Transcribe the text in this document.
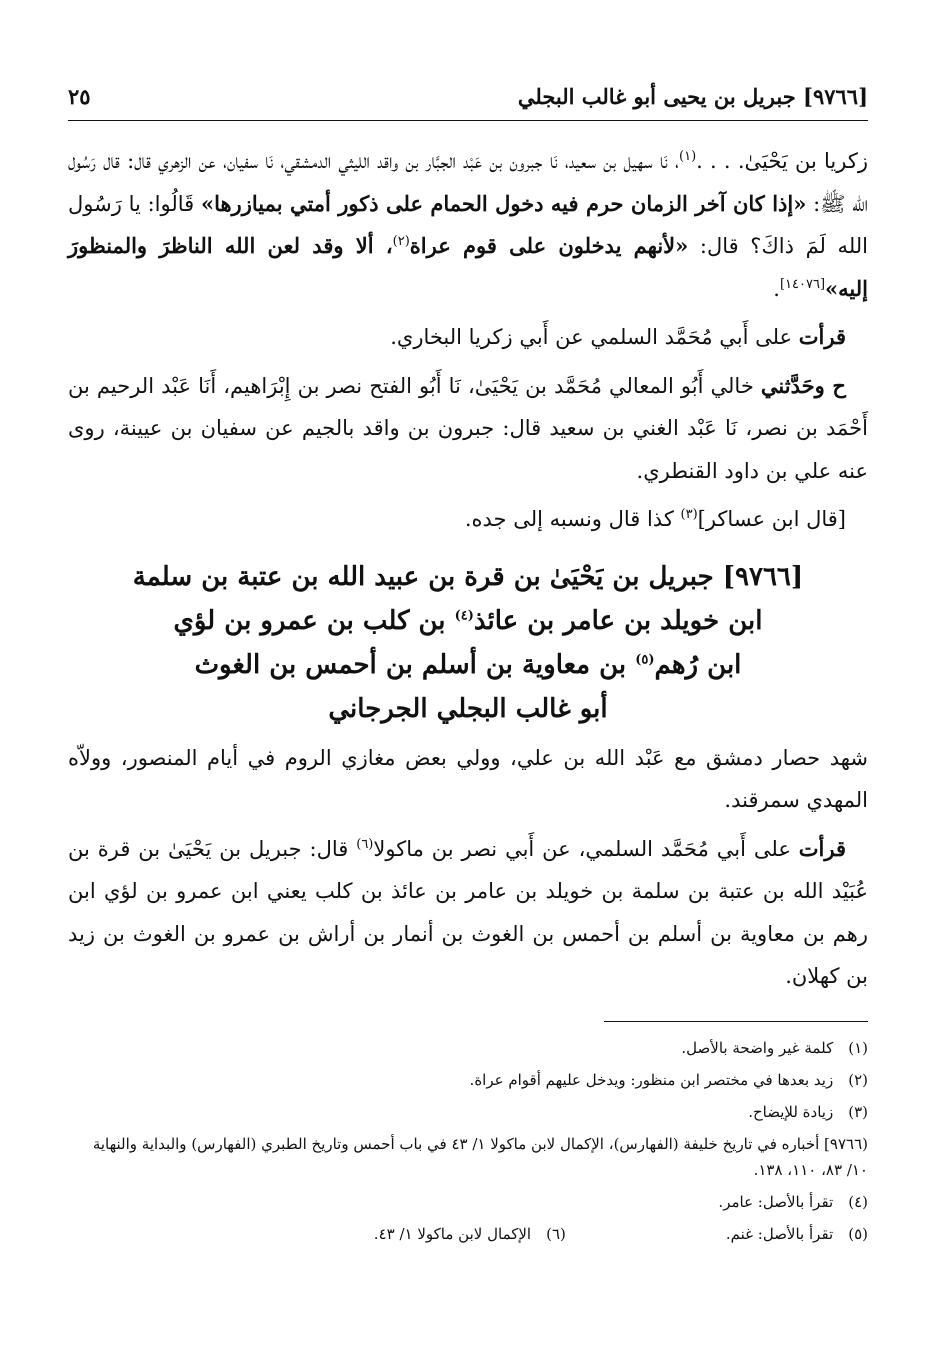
[٩٧٦٦] جبريل بن يحيى أبو غالب البجلي
٢٥

زكريا بن يَحْيَىٰ. . . .$^{(١)}$، نَا سهيل بن سعيد، نَا جبرون بن عَبْد الجبَّار بن واقد الليثي الدمشقي، نَا سفيان، عن الزهري قال: قال رَسُول الله ﷺ: «إذا كان آخر الزمان حرم فيه دخول الحمام على ذكور أمتي بميازرها» قَالُوا: يا رَسُول الله لَمَ ذاكَ؟ قال: «لأنهم يدخلون على قوم عراة$^{(٢)}$، ألا وقد لعن الله الناظرَ والمنظورَ إليه»[١٤٠٧٦].

قرأت على أَبي مُحَمَّد السلمي عن أَبي زكريا البخاري.

ح وحَدَّثني خالي أَبُو المعالي مُحَمَّد بن يَحْيَىٰ، نَا أَبُو الفتح نصر بن إِبْرَاهيم، أَنَا عَبْد الرحيم بن أَحْمَد بن نصر، نَا عَبْد الغني بن سعيد قال: جبرون بن واقد بالجيم عن سفيان بن عيينة، روى عنه علي بن داود القنطري.

[قال ابن عساكر]$^{(٣)}$ كذا قال ونسبه إلى جده.

[٩٧٦٦] جبريل بن يَحْيَىٰ بن قرة بن عبيد الله بن عتبة بن سلمة
ابن خويلد بن عامر بن عائذ$^{(٤)}$ بن كلب بن عمرو بن لؤي
ابن رُهم$^{(٥)}$ بن معاوية بن أسلم بن أحمس بن الغوث
أبو غالب البجلي الجرجاني

شهد حصار دمشق مع عَبْد الله بن علي، وولي بعض مغازي الروم في أيام المنصور، وولاّه المهدي سمرقند.

قرأت على أَبي مُحَمَّد السلمي، عن أَبي نصر بن ماكولا$^{(٦)}$ قال: جبريل بن يَحْيَىٰ بن قرة بن عُبَيْد الله بن عتبة بن سلمة بن خويلد بن عامر بن عائذ بن كلب يعني ابن عمرو بن لؤي ابن رهم بن معاوية بن أسلم بن أحمس بن الغوث بن أنمار بن أراش بن عمرو بن الغوث بن زيد بن كهلان.

(١) كلمة غير واضحة بالأصل.
(٢) زيد بعدها في مختصر ابن منظور: ويدخل عليهم أقوام عراة.
(٣) زيادة للإيضاح.
(٩٧٦٦] أخباره في تاريخ خليفة (الفهارس)، الإكمال لابن ماكولا ١/ ٤٣ في باب أحمس وتاريخ الطبري (الفهارس) والبداية والنهاية ١٠/ ٨٣، ١١٠، ١٣٨.
(٤) تقرأ بالأصل: عامر.
(٥) تقرأ بالأصل: غنم.
(٦) الإكمال لابن ماكولا ١/ ٤٣.
